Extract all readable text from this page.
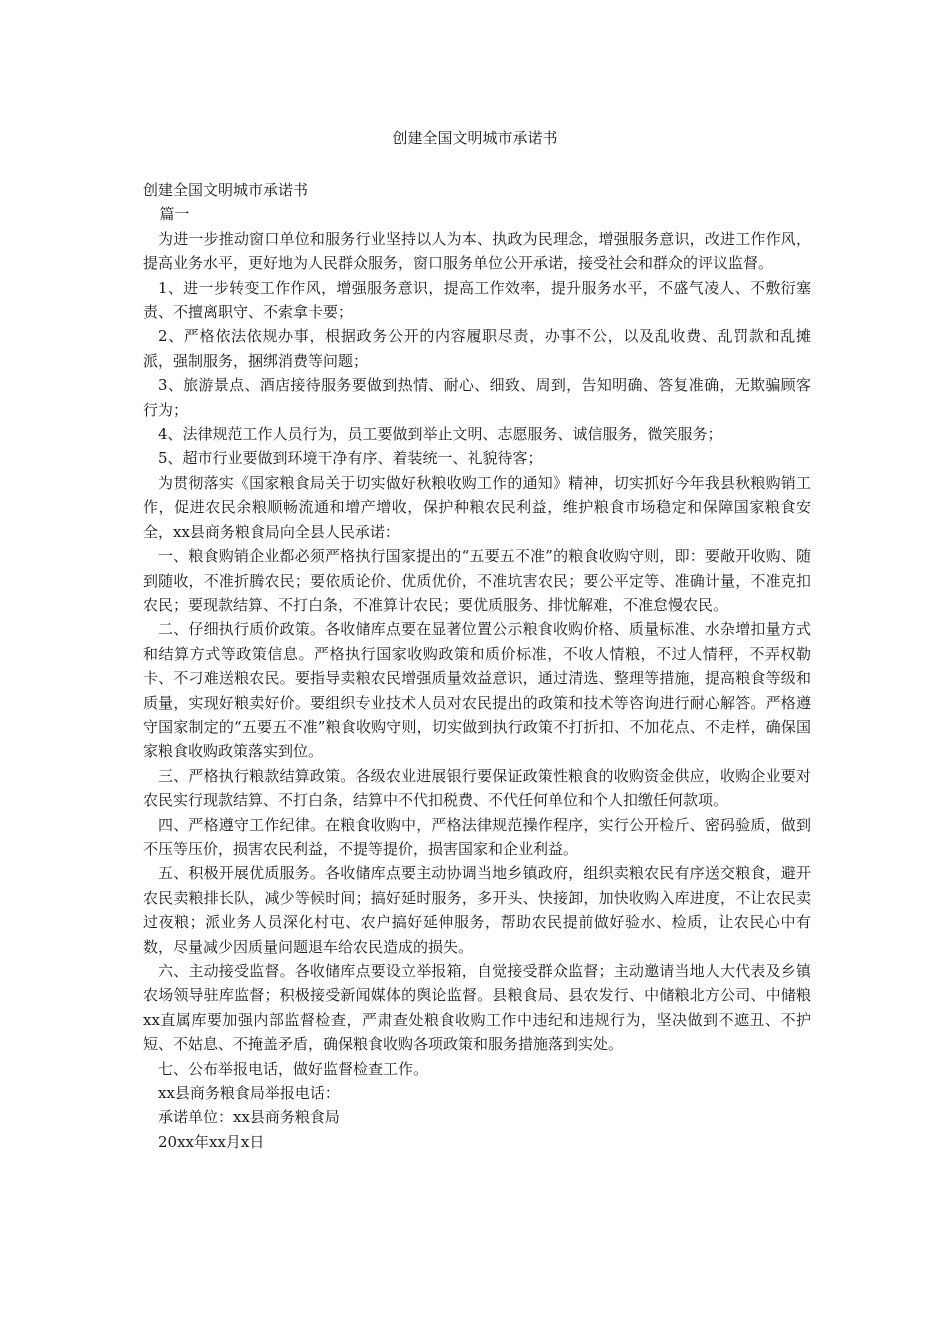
创建全国文明城市承诺书

创建全国文明城市承诺书

篇一

为进一步推动窗口单位和服务行业坚持以人为本、执政为民理念，增强服务意识，改进工作作风，提高业务水平，更好地为人民群众服务，窗口服务单位公开承诺，接受社会和群众的评议监督。

1、进一步转变工作作风，增强服务意识，提高工作效率，提升服务水平，不盛气凌人、不敷衍塞责、不擅离职守、不索拿卡要；

2、严格依法依规办事，根据政务公开的内容履职尽责，办事不公，以及乱收费、乱罚款和乱摊派，强制服务，捆绑消费等问题；

3、旅游景点、酒店接待服务要做到热情、耐心、细致、周到，告知明确、答复准确，无欺骗顾客行为；

4、法律规范工作人员行为，员工要做到举止文明、志愿服务、诚信服务，微笑服务；

5、超市行业要做到环境干净有序、着装统一、礼貌待客；

为贯彻落实《国家粮食局关于切实做好秋粮收购工作的通知》精神，切实抓好今年我县秋粮购销工作，促进农民余粮顺畅流通和增产增收，保护种粮农民利益，维护粮食市场稳定和保障国家粮食安全，xx县商务粮食局向全县人民承诺：

一、粮食购销企业都必须严格执行国家提出的“五要五不准”的粮食收购守则，即：要敞开收购、随到随收，不准折腾农民；要依质论价、优质优价，不准坑害农民；要公平定等、准确计量，不准克扣农民；要现款结算、不打白条，不准算计农民；要优质服务、排忧解难，不准怠慢农民。

二、仔细执行质价政策。各收储库点要在显著位置公示粮食收购价格、质量标准、水杂增扣量方式和结算方式等政策信息。严格执行国家收购政策和质价标准，不收人情粮，不过人情秤，不弄权勒卡、不刁难送粮农民。要指导卖粮农民增强质量效益意识，通过清选、整理等措施，提高粮食等级和质量，实现好粮卖好价。要组织专业技术人员对农民提出的政策和技术等咨询进行耐心解答。严格遵守国家制定的“五要五不准”粮食收购守则，切实做到执行政策不打折扣、不加花点、不走样，确保国家粮食收购政策落实到位。

三、严格执行粮款结算政策。各级农业进展银行要保证政策性粮食的收购资金供应，收购企业要对农民实行现款结算、不打白条，结算中不代扣税费、不代任何单位和个人扣缴任何款项。

四、严格遵守工作纪律。在粮食收购中，严格法律规范操作程序，实行公开检斤、密码验质，做到不压等压价，损害农民利益，不提等提价，损害国家和企业利益。

五、积极开展优质服务。各收储库点要主动协调当地乡镇政府，组织卖粮农民有序送交粮食，避开农民卖粮排长队，减少等候时间；搞好延时服务，多开头、快接卸，加快收购入库进度，不让农民卖过夜粮；派业务人员深化村屯、农户搞好延伸服务，帮助农民提前做好验水、检质，让农民心中有数，尽量减少因质量问题退车给农民造成的损失。

六、主动接受监督。各收储库点要设立举报箱，自觉接受群众监督；主动邀请当地人大代表及乡镇农场领导驻库监督；积极接受新闻媒体的舆论监督。县粮食局、县农发行、中储粮北方公司、中储粮xx直属库要加强内部监督检查，严肃查处粮食收购工作中违纪和违规行为，坚决做到不遮丑、不护短、不姑息、不掩盖矛盾，确保粮食收购各项政策和服务措施落到实处。

七、公布举报电话，做好监督检查工作。

xx县商务粮食局举报电话：

承诺单位：xx县商务粮食局

20xx年xx月x日
